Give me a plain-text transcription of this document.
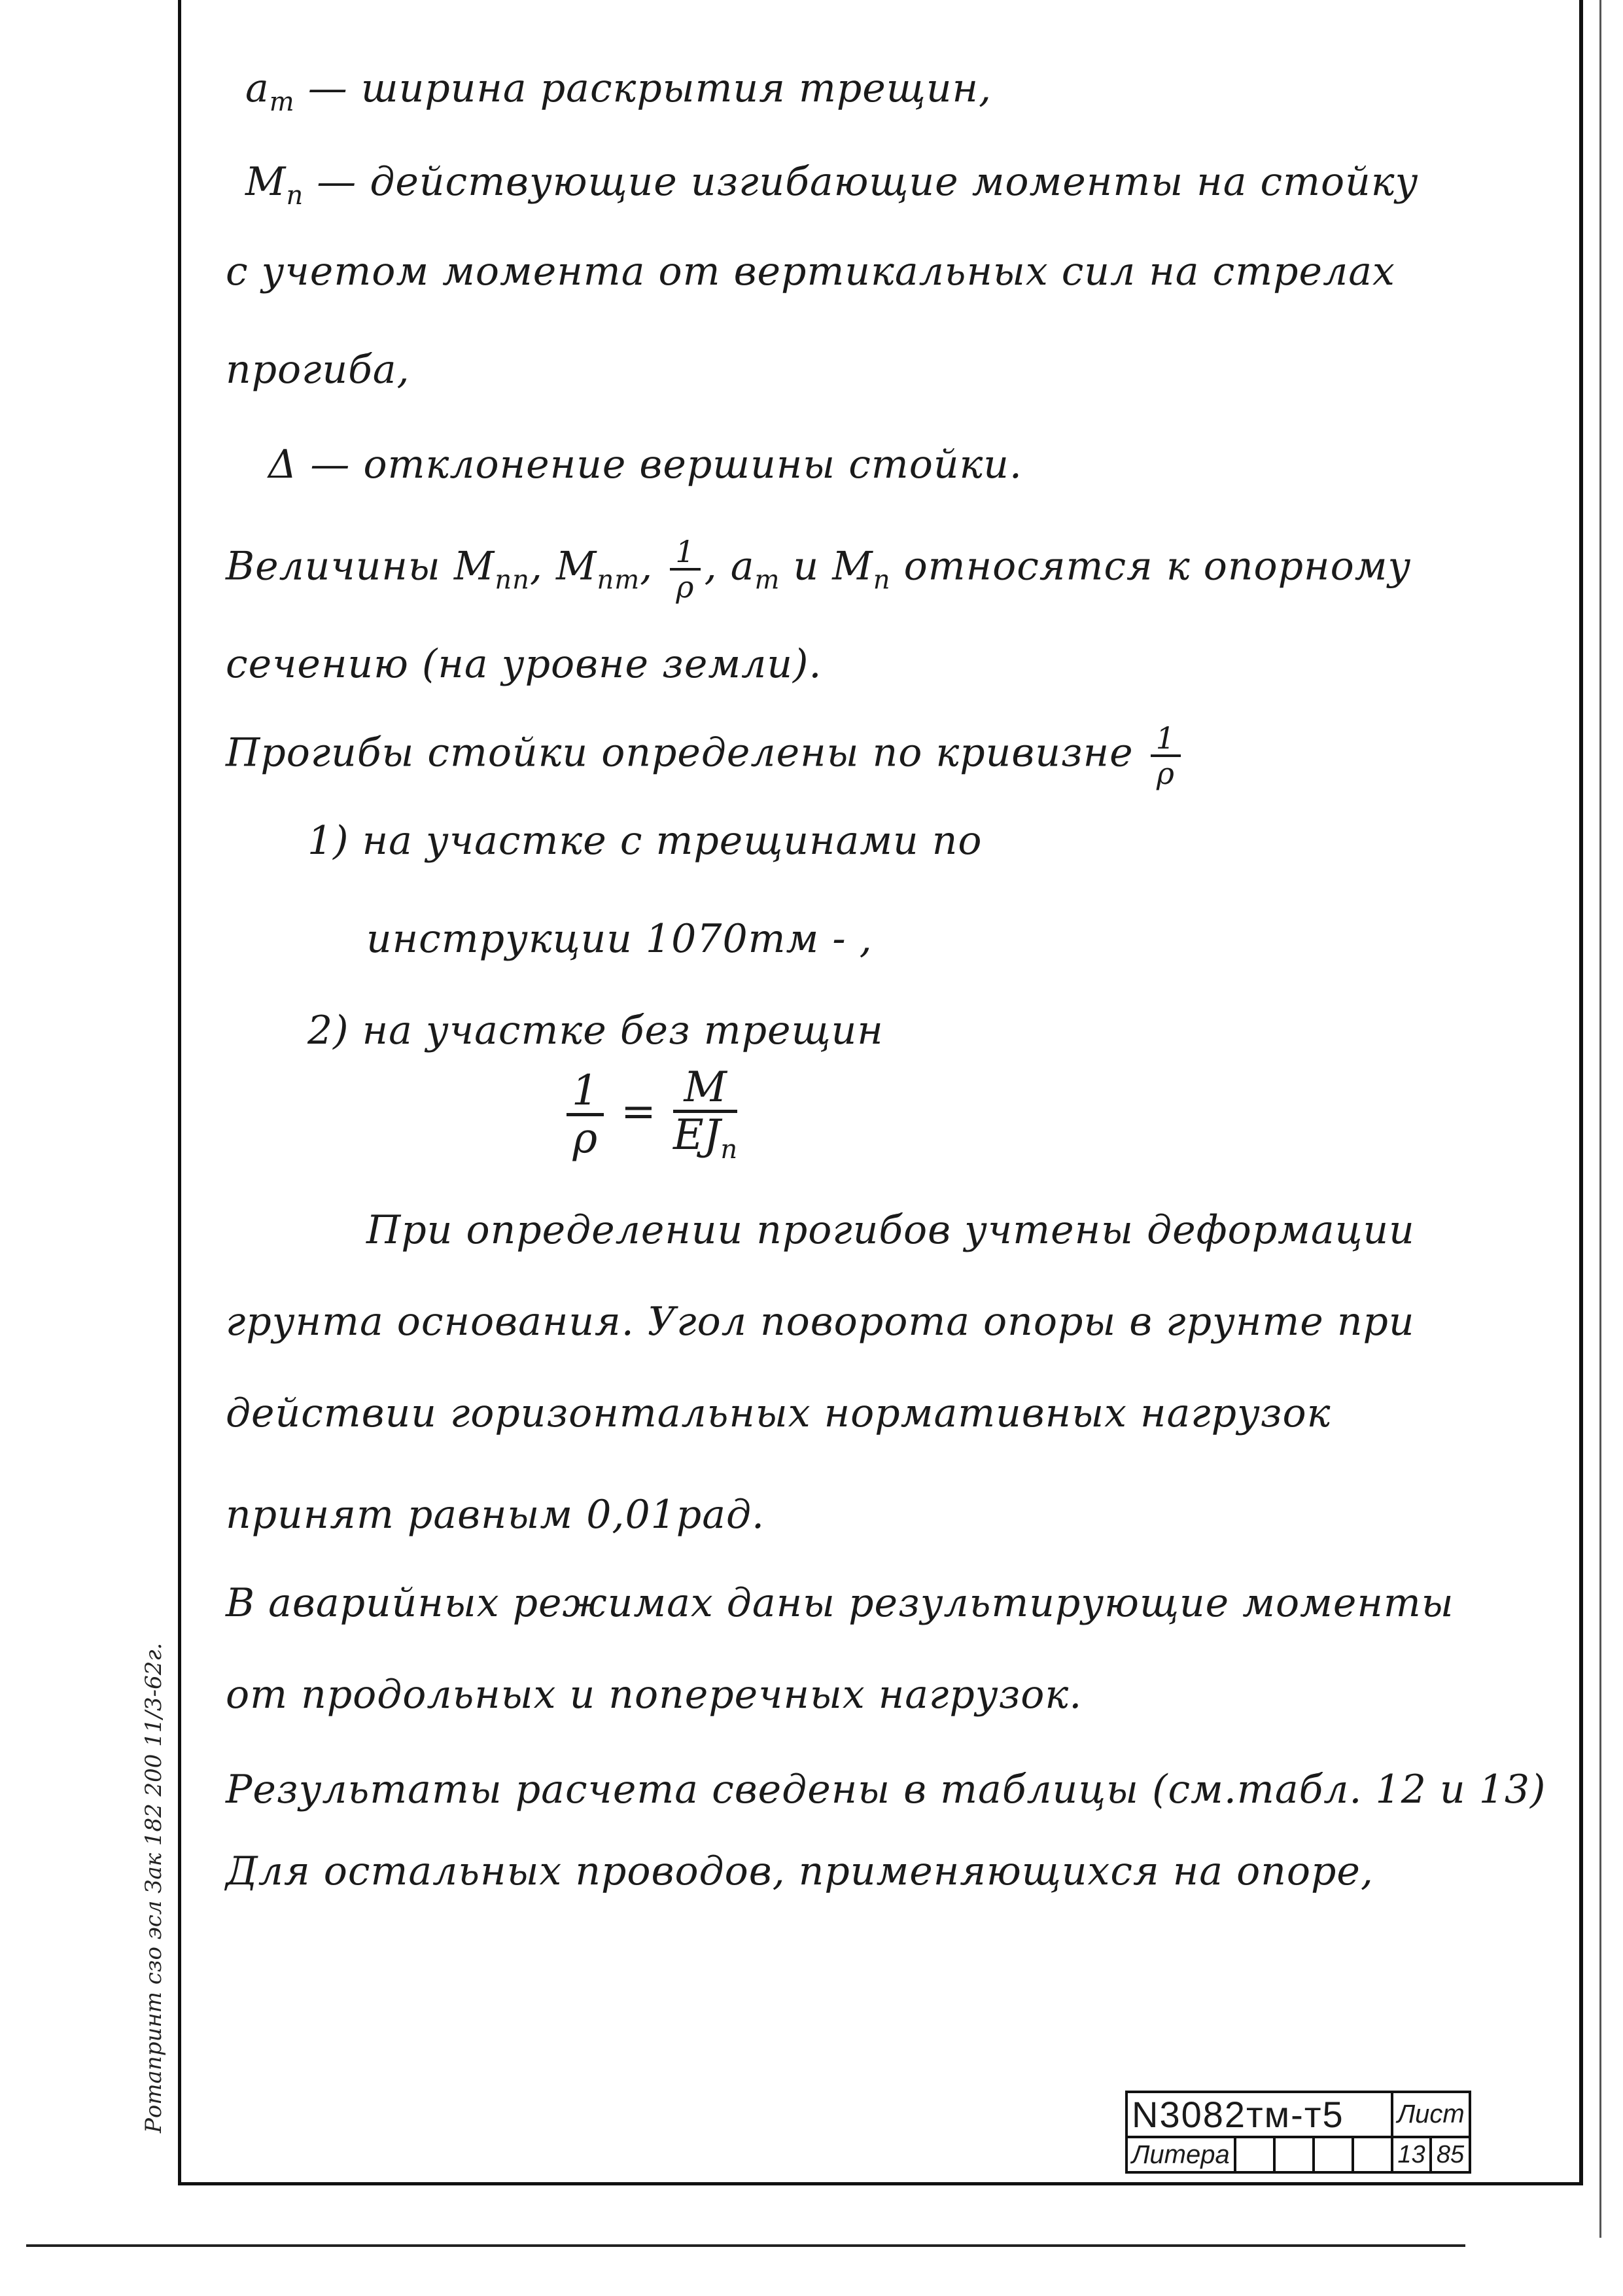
$a_т$ — ширина раскрытия трещин,
$M_п$ — действующие изгибающие моменты на стойку
с учетом момента от вертикальных сил на стрелах
прогиба,
Δ — отклонение вершины стойки.
Величины $M_{пп}$, $M_{пт}$, $\frac{1}{\rho}$ , $a_т$ и $M_п$ относятся к опорному
сечению (на уровне земли).
Прогибы стойки определены по кривизне $\frac{1}{\rho}$
1) на участке с трещинами по
инструкции 1070тм - ,
2) на участке без трещин
$\frac{1}{\rho} = \frac{M}{EJ_п}$
При определении прогибов учтены деформации
грунта основания. Угол поворота опоры в грунте при
действии горизонтальных нормативных нагрузок
принят равным 0,01рад.
В аварийных режимах даны результирующие моменты
от продольных и поперечных нагрузок.
Результаты расчета сведены в таблицы (см.табл. 12 и 13)
Для остальных проводов, применяющихся на опоре,
Ротапринт сзо эсл Зак 182 200 11/3-62г.	N3082тм-т5					Лист	
Литера					13	85
